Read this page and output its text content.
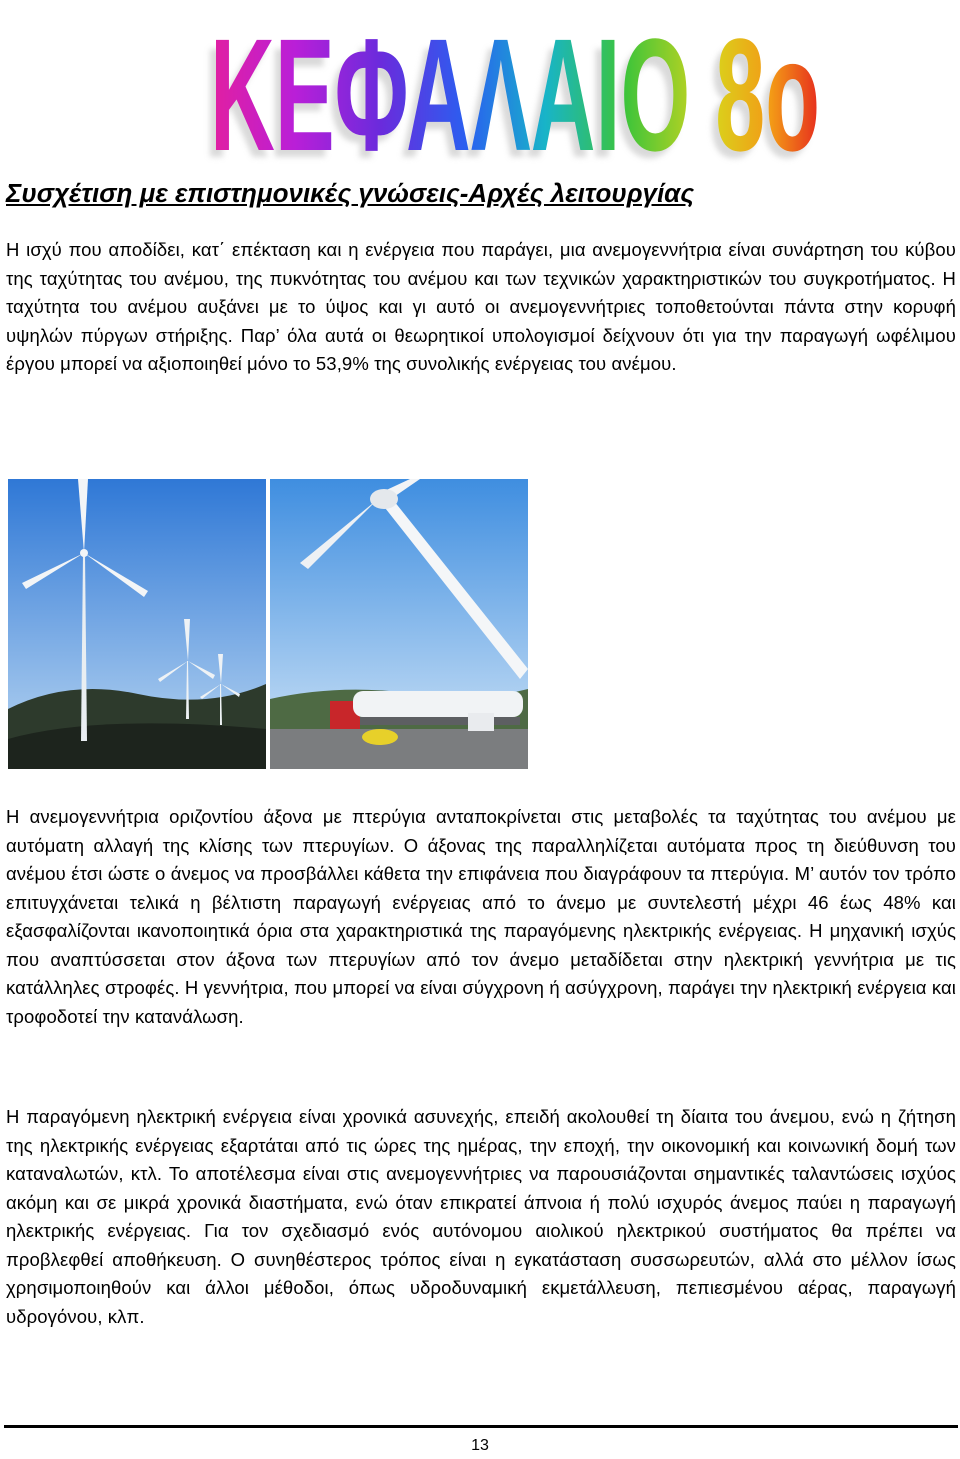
ΚΕΦΑΛΑΙΟ 8ο
ΚΕΦΑΛΑΙΟ 8ο
Συσχέτιση με επιστημονικές γνώσεις-Αρχές λειτουργίας

Η ισχύ που αποδίδει, κατ΄ επέκταση και η ενέργεια που παράγει, μια ανεμογεννήτρια είναι συνάρτηση του κύβου της ταχύτητας του ανέμου, της πυκνότητας του ανέμου και των τεχνικών χαρακτηριστικών του συγκροτήματος. Η ταχύτητα του ανέμου αυξάνει με το ύψος και γι αυτό οι ανεμογεννήτριες τοποθετούνται πάντα στην κορυφή υψηλών πύργων στήριξης. Παρ’ όλα αυτά οι θεωρητικοί υπολογισμοί δείχνουν ότι για την παραγωγή ωφέλιμου έργου μπορεί να αξιοποιηθεί μόνο το 53,9% της συνολικής ενέργειας του ανέμου.

Η ανεμογεννήτρια οριζοντίου άξονα με πτερύγια ανταποκρίνεται στις μεταβολές τα ταχύτητας του ανέμου με αυτόματη αλλαγή της κλίσης των πτερυγίων. Ο άξονας της παραλληλίζεται αυτόματα προς τη διεύθυνση του ανέμου έτσι ώστε ο άνεμος να προσβάλλει κάθετα την επιφάνεια που διαγράφουν τα πτερύγια. Μ’ αυτόν τον τρόπο επιτυγχάνεται τελικά η βέλτιστη παραγωγή ενέργειας από το άνεμο με συντελεστή μέχρι 46 έως 48% και εξασφαλίζονται ικανοποιητικά όρια στα χαρακτηριστικά της παραγόμενης ηλεκτρικής ενέργειας. Η μηχανική ισχύς που αναπτύσσεται στον άξονα των πτερυγίων από τον άνεμο μεταδίδεται στην ηλεκτρική γεννήτρια με τις κατάλληλες στροφές. Η γεννήτρια, που μπορεί να είναι σύγχρονη ή ασύγχρονη, παράγει την ηλεκτρική ενέργεια και τροφοδοτεί την κατανάλωση.

Η παραγόμενη ηλεκτρική ενέργεια είναι χρονικά ασυνεχής, επειδή ακολουθεί τη δίαιτα του άνεμου, ενώ η ζήτηση της ηλεκτρικής ενέργειας εξαρτάται από τις ώρες της ημέρας, την εποχή, την οικονομική και κοινωνική δομή των καταναλωτών, κτλ. Το αποτέλεσμα είναι στις ανεμογεννήτριες να παρουσιάζονται σημαντικές ταλαντώσεις ισχύος ακόμη και σε μικρά χρονικά διαστήματα, ενώ όταν επικρατεί άπνοια ή πολύ ισχυρός άνεμος παύει η παραγωγή ηλεκτρικής ενέργειας. Για τον σχεδιασμό ενός αυτόνομου αιολικού ηλεκτρικού συστήματος θα πρέπει να προβλεφθεί αποθήκευση. Ο συνηθέστερος τρόπος είναι η εγκατάσταση συσσωρευτών, αλλά στο μέλλον ίσως χρησιμοποιηθούν και άλλοι μέθοδοι, όπως υδροδυναμική εκμετάλλευση, πεπιεσμένου αέρας, παραγωγή υδρογόνου, κλπ.

13
